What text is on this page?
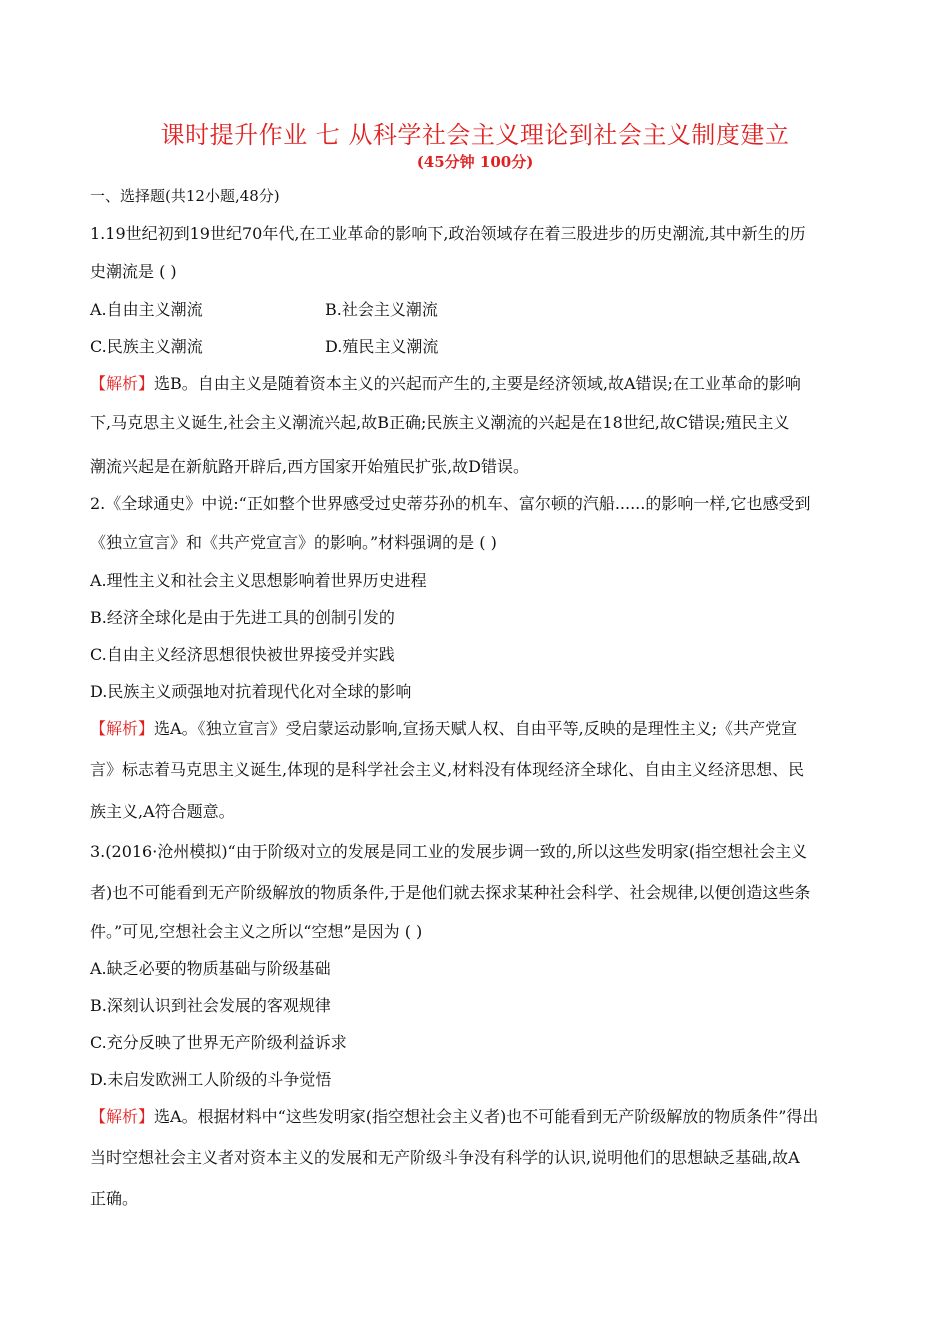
课时提升作业 七 从科学社会主义理论到社会主义制度建立
(45分钟 100分)
一、选择题(共12小题,48分)
1.19世纪初到19世纪70年代,在工业革命的影响下,政治领域存在着三股进步的历史潮流,其中新生的历
史潮流是 ( )
A.自由主义潮流	B.社会主义潮流
C.民族主义潮流	D.殖民主义潮流
【解析】选B。自由主义是随着资本主义的兴起而产生的,主要是经济领域,故A错误;在工业革命的影响
下,马克思主义诞生,社会主义潮流兴起,故B正确;民族主义潮流的兴起是在18世纪,故C错误;殖民主义
潮流兴起是在新航路开辟后,西方国家开始殖民扩张,故D错误。
2.《全球通史》中说:“正如整个世界感受过史蒂芬孙的机车、富尔顿的汽船......的影响一样,它也感受到
《独立宣言》和《共产党宣言》的影响。”材料强调的是 ( )
A.理性主义和社会主义思想影响着世界历史进程
B.经济全球化是由于先进工具的创制引发的
C.自由主义经济思想很快被世界接受并实践
D.民族主义顽强地对抗着现代化对全球的影响
【解析】选A。《独立宣言》受启蒙运动影响,宣扬天赋人权、自由平等,反映的是理性主义;《共产党宣
言》标志着马克思主义诞生,体现的是科学社会主义,材料没有体现经济全球化、自由主义经济思想、民
族主义,A符合题意。
3.(2016·沧州模拟)“由于阶级对立的发展是同工业的发展步调一致的,所以这些发明家(指空想社会主义
者)也不可能看到无产阶级解放的物质条件,于是他们就去探求某种社会科学、社会规律,以便创造这些条
件。”可见,空想社会主义之所以“空想”是因为 ( )
A.缺乏必要的物质基础与阶级基础
B.深刻认识到社会发展的客观规律
C.充分反映了世界无产阶级利益诉求
D.未启发欧洲工人阶级的斗争觉悟
【解析】选A。根据材料中“这些发明家(指空想社会主义者)也不可能看到无产阶级解放的物质条件”得出
当时空想社会主义者对资本主义的发展和无产阶级斗争没有科学的认识,说明他们的思想缺乏基础,故A
正确。
